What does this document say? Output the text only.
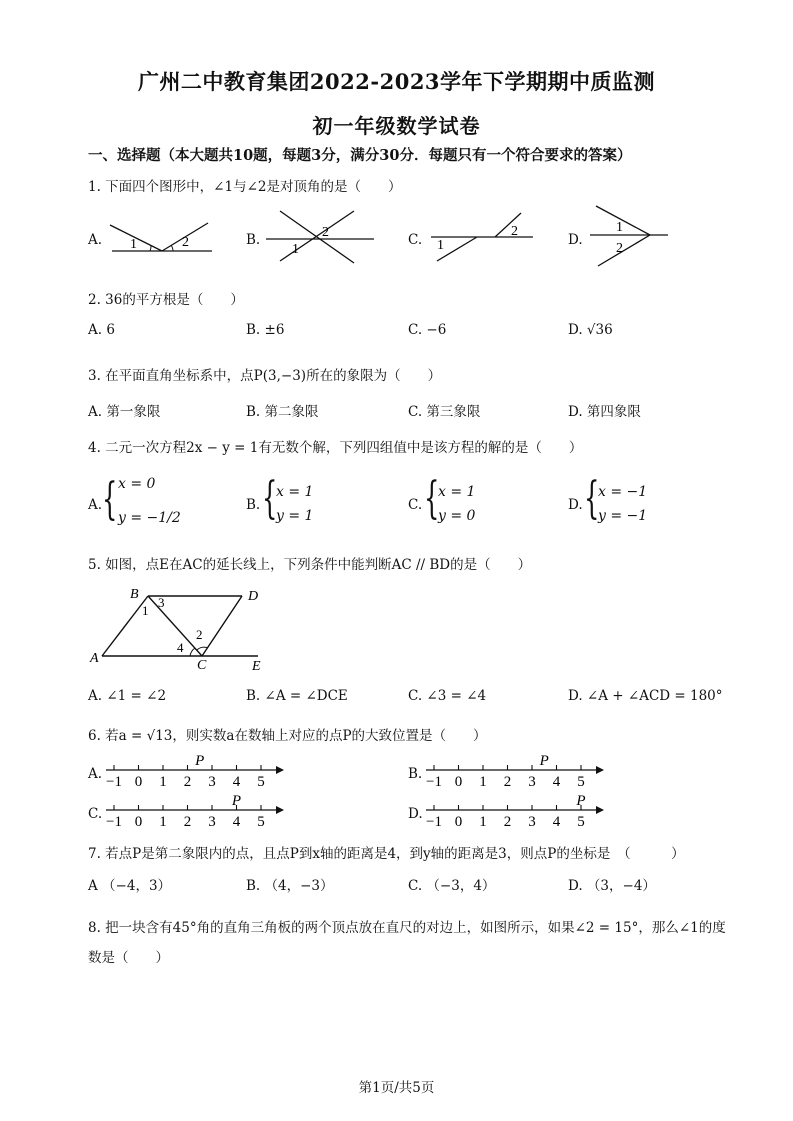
广州二中教育集团2022-2023学年下学期期中质监测
初一年级数学试卷
一、选择题（本大题共10题，每题3分，满分30分．每题只有一个符合要求的答案）
1. 下面四个图形中，∠1与∠2是对顶角的是（　　）
A.	B.	C.	D.
1	2
2
1	1
2	1
2
2. 36的平方根是（　　）
A. 6	B. ±6	C. −6	D. √36
3. 在平面直角坐标系中，点P(3,−3)所在的象限为（　　）
A. 第一象限	B. 第二象限	C. 第三象限	D. 第四象限
4. 二元一次方程2x − y = 1有无数个解，下列四组值中是该方程的解的是（　　）
A. { x = 0
y = −1/2
B. {
x = 1
y = 1
C. {
x = 1
y = 0
D. {
x = −1
y = −1
5. 如图，点E在AC的延长线上，下列条件中能判断AC // BD的是（　　）
A
B
C
D
E
1
2
3
4
A. ∠1 = ∠2	B. ∠A = ∠DCE	C. ∠3 = ∠4	D. ∠A + ∠ACD = 180°
6. 若a = √13，则实数a在数轴上对应的点P的大致位置是（　　）
A.	B.
C.	D.
−1 0 1 2 3 4 5
P
−1 0 1 2 3 4 5
P
−1 0 1 2 3 4 5
P
−1 0 1 2 3 4 5
P
7. 若点P是第二象限内的点，且点P到x轴的距离是4，到y轴的距离是3，则点P的坐标是　（　　　）
A （−4，3）	B. （4，−3）	C. （−3，4）	D. （3，−4）
8. 把一块含有45°角的直角三角板的两个顶点放在直尺的对边上，如图所示，如果∠2 = 15°，那么∠1的度
数是（　　）
第1页/共5页
